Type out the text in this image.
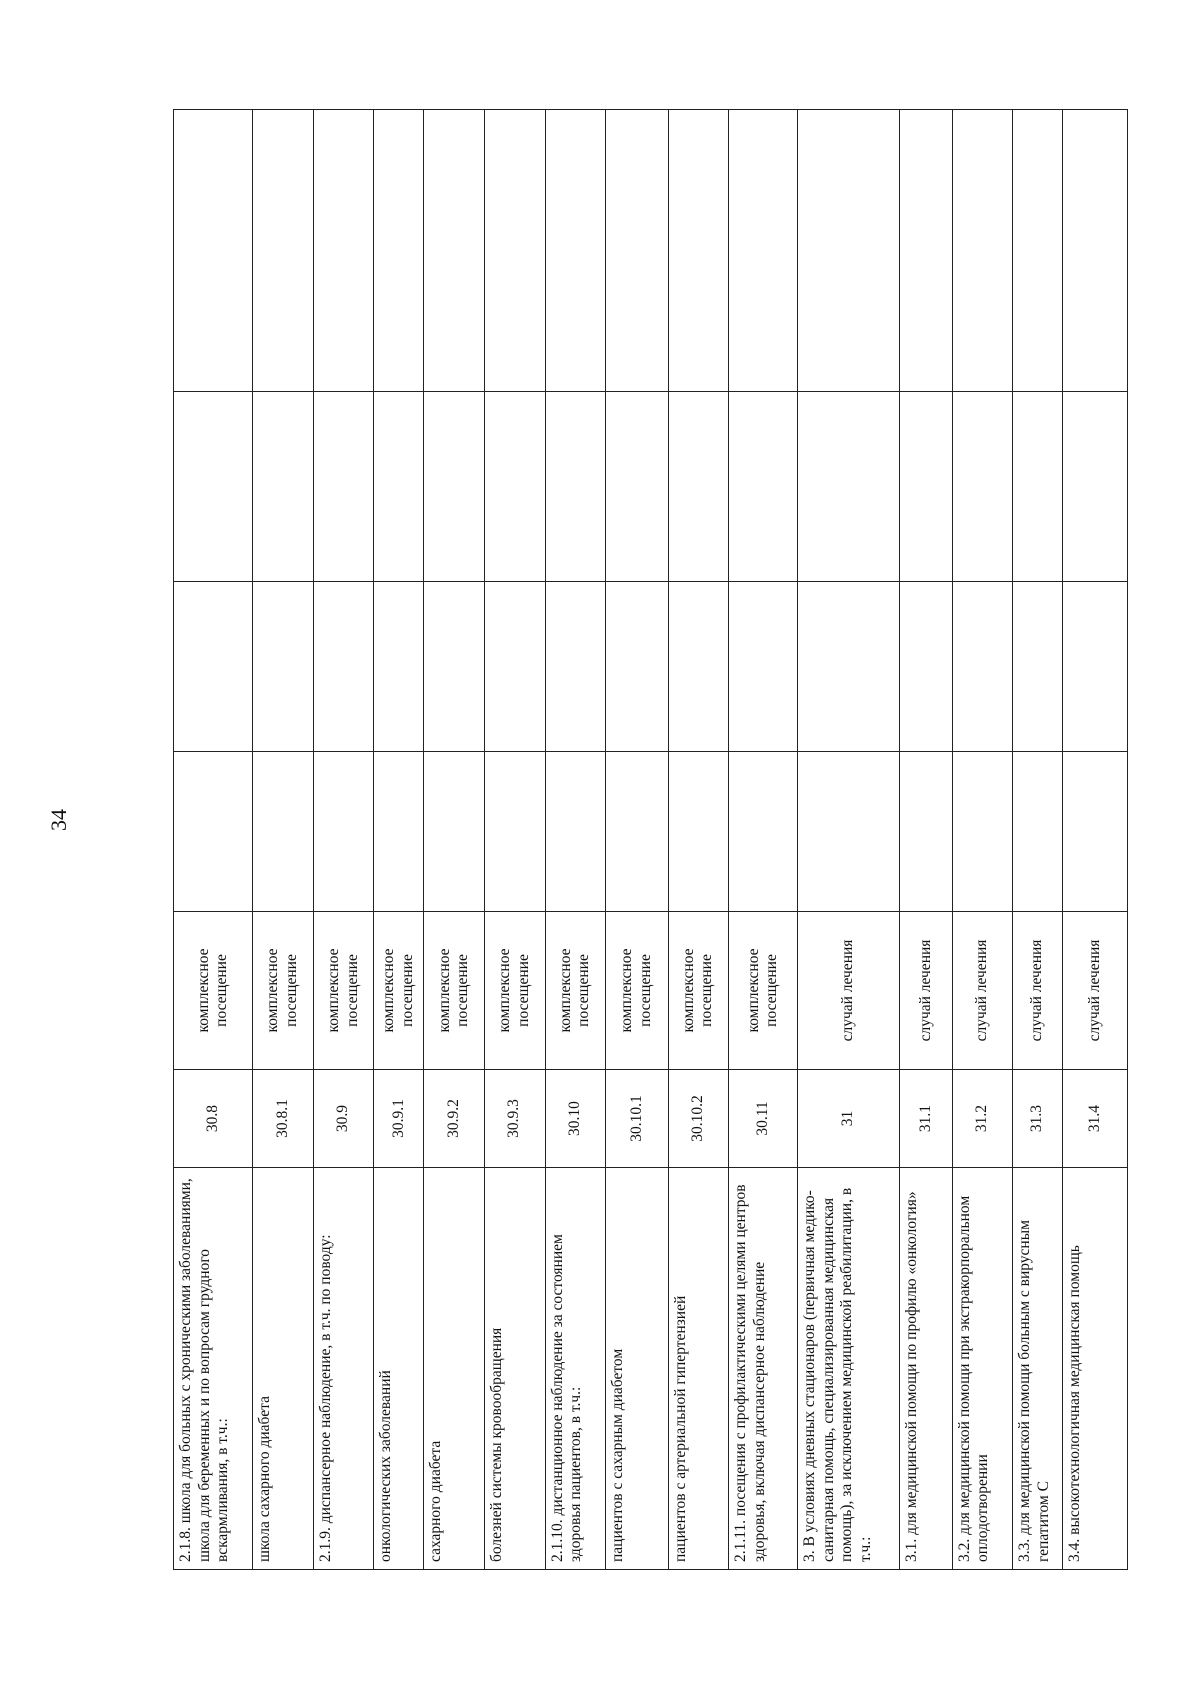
34
2.1.8. школа для больных с хроническими заболеваниями, школа для беременных и по вопросам грудного вскармливания, в т.ч.:	30.8	комплексное посещение				
школа сахарного диабета	30.8.1	комплексное посещение				
2.1.9. диспансерное наблюдение, в т.ч. по поводу:	30.9	комплексное посещение				
онкологических заболеваний	30.9.1	комплексное посещение				
сахарного диабета	30.9.2	комплексное посещение				
болезней системы кровообращения	30.9.3	комплексное посещение				
2.1.10. дистанционное наблюдение за состоянием здоровья пациентов, в т.ч.:	30.10	комплексное посещение				
пациентов с сахарным диабетом	30.10.1	комплексное посещение				
пациентов с артериальной гипертензией	30.10.2	комплексное посещение				
2.1.11. посещения с профилактическими целями центров здоровья, включая диспансерное наблюдение	30.11	комплексное посещение				
3. В условиях дневных стационаров (первичная медико-санитарная помощь, специализированная медицинская помощь), за исключением медицинской реабилитации, в т.ч.:	31	случай лечения				
3.1. для медицинской помощи по профилю «онкология»	31.1	случай лечения				
3.2. для медицинской помощи при экстракорпоральном оплодотворении	31.2	случай лечения				
3.3. для медицинской помощи больным с вирусным гепатитом С	31.3	случай лечения				
3.4. высокотехнологичная медицинская помощь	31.4	случай лечения				
